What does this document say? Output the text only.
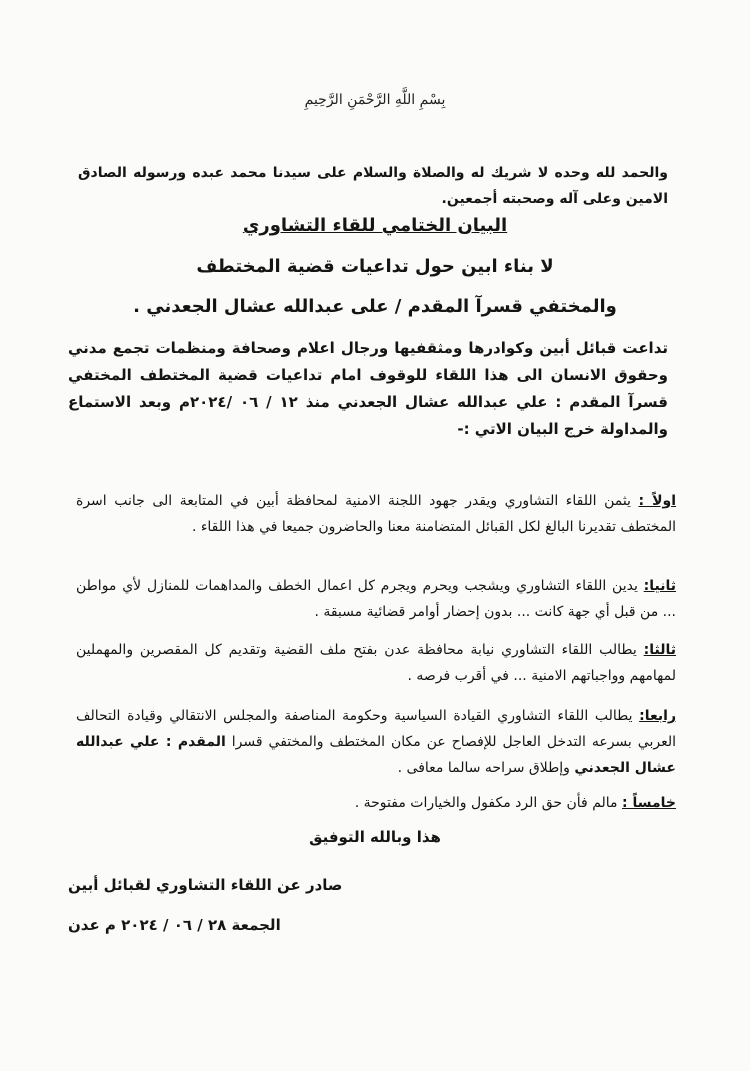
بِسْمِ اللَّهِ الرَّحْمَنِ الرَّحِيمِ
والحمد لله وحده لا شريك له والصلاة والسلام على سيدنا محمد عبده ورسوله الصادق الامين وعلى آله وصحبته أجمعين.
البيان الختامي للقاء التشاوري
لا بناء ابين حول تداعيات قضية المختطف
والمختفي قسرآ المقدم / على عبدالله عشال الجعدني .
تداعت قبائل أبين وكوادرها ومثقفيها ورجال اعلام وصحافة ومنظمات تجمع مدني وحقوق الانسان الى هذا اللقاء للوقوف امام تداعيات قضية المختطف المختفي قسرآ المقدم : علي عبدالله عشال الجعدني منذ ١٢ / ٠٦ /٢٠٢٤م وبعد الاستماع والمداولة خرج البيان الاتي :-
اولاً : يثمن اللقاء التشاوري ويقدر جهود اللجنة الامنية لمحافظة أبين في المتابعة الى جانب اسرة المختطف تقديرنا البالغ لكل القبائل المتضامنة معنا والحاضرون جميعا في هذا اللقاء .
ثانيا: يدين اللقاء التشاوري ويشجب ويحرم ويجرم كل اعمال الخطف والمداهمات للمنازل لأي مواطن ... من قبل أي جهة كانت ... بدون إحضار أوامر قضائية مسبقة .
ثالثا: يطالب اللقاء التشاوري نيابة محافظة عدن بفتح ملف القضية وتقديم كل المقصرين والمهملين لمهامهم وواجباتهم الامنية ... في أقرب فرصه .
رابعا: يطالب اللقاء التشاوري القيادة السياسية وحكومة المناصفة والمجلس الانتقالي وقيادة التحالف العربي بسرعه التدخل العاجل للإفصاح عن مكان المختطف والمختفي قسرا المقدم : علي عبدالله عشال الجعدني وإطلاق سراحه سالما معافى .
خامساً : مالم فأن حق الرد مكفول والخيارات مفتوحة .
هذا وبالله التوفيق
صادر عن اللقاء التشاوري لقبائل أبين
الجمعة ٢٨ / ٠٦ / ٢٠٢٤ م عدن
